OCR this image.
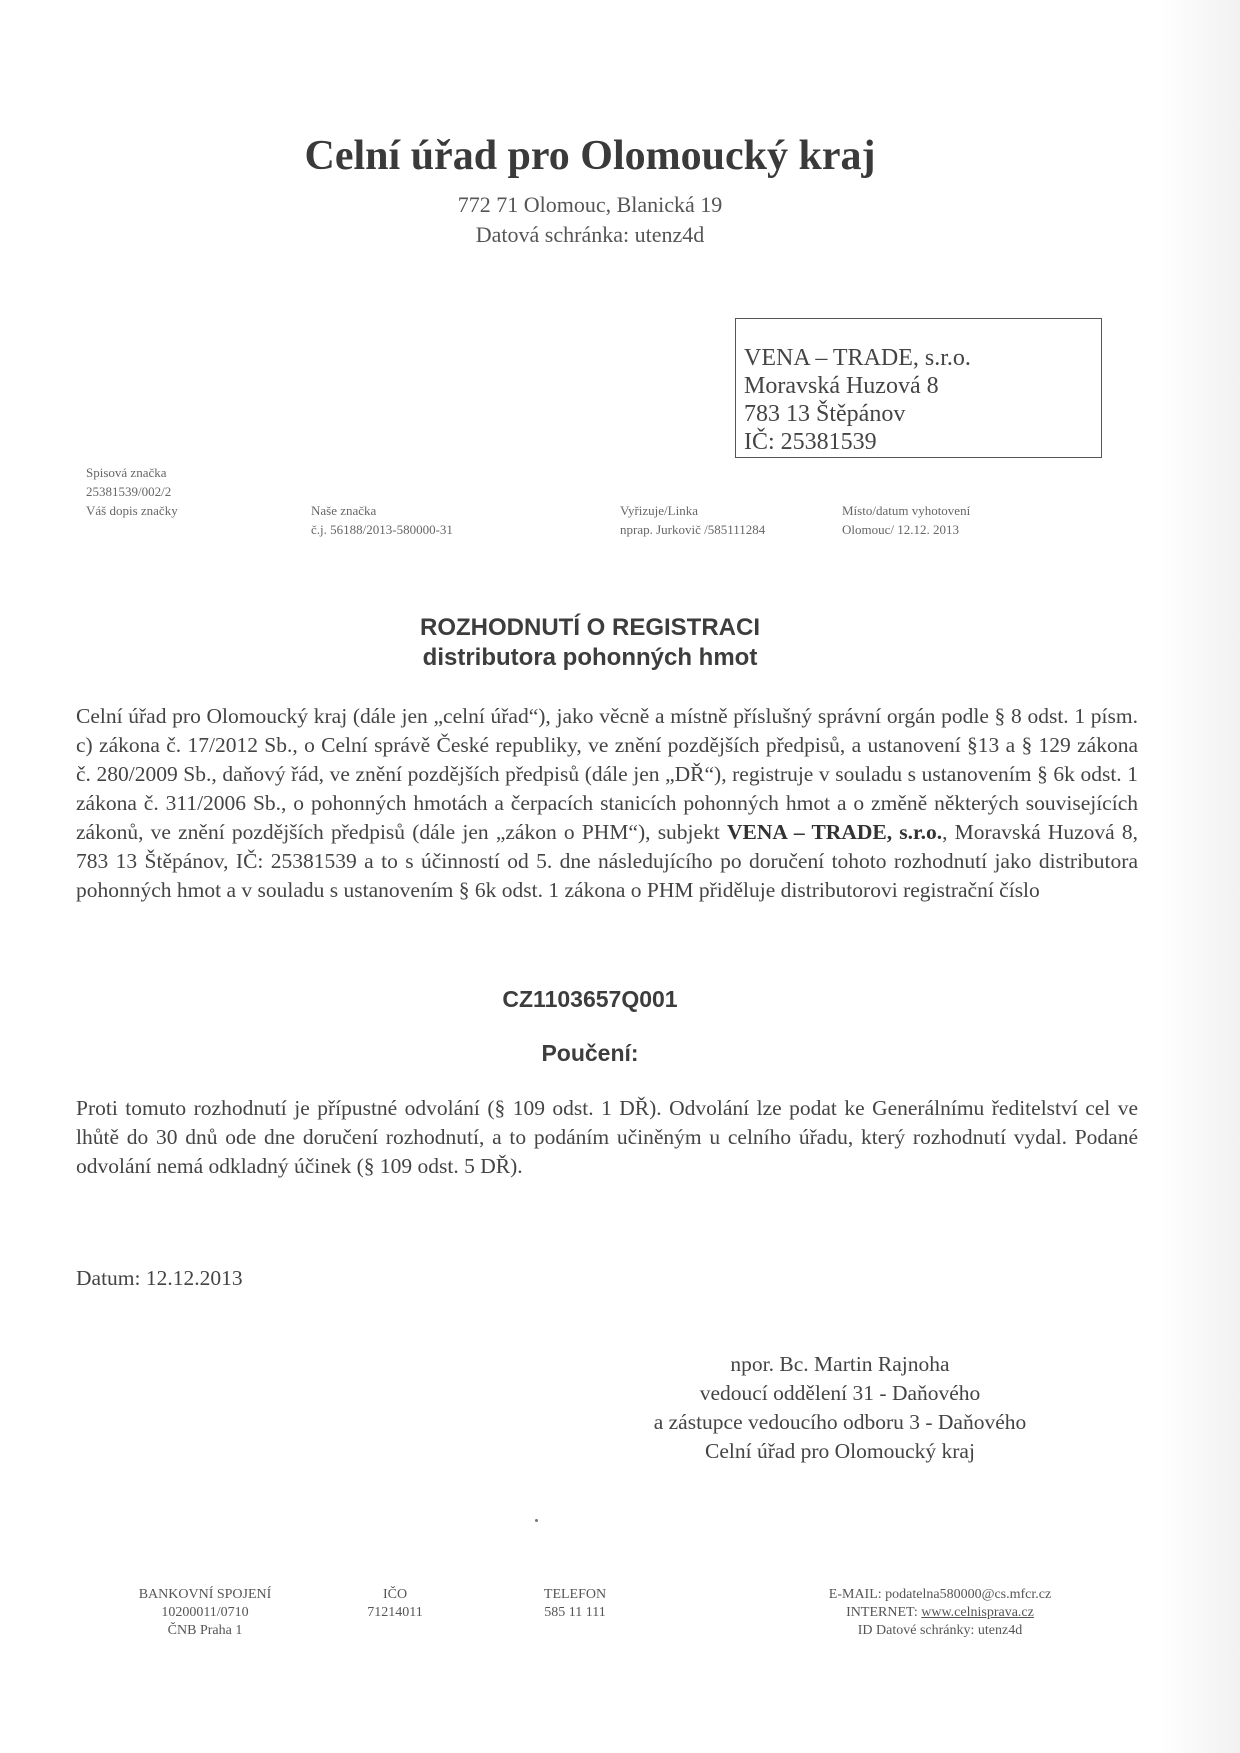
Celní úřad pro Olomoucký kraj
772 71 Olomouc, Blanická 19
Datová schránka: utenz4d
VENA – TRADE, s.r.o.
Moravská Huzová 8
783 13 Štěpánov
IČ: 25381539
Spisová značka
25381539/002/2
Váš dopis značky	Naše značka
č.j. 56188/2013-580000-31
Vyřizuje/Linka
nprap. Jurkovič /585111284
Místo/datum vyhotovení
Olomouc/ 12.12. 2013
ROZHODNUTÍ O REGISTRACI
distributora pohonných hmot
Celní úřad pro Olomoucký kraj (dále jen „celní úřad“), jako věcně a místně příslušný správní orgán podle § 8 odst. 1 písm. c) zákona č. 17/2012 Sb., o Celní správě České republiky, ve znění pozdějších předpisů, a ustanovení §13 a § 129 zákona č. 280/2009 Sb., daňový řád, ve znění pozdějších předpisů (dále jen „DŘ“), registruje v souladu s ustanovením § 6k odst. 1 zákona č. 311/2006 Sb., o pohonných hmotách a čerpacích stanicích pohonných hmot a o změně některých souvisejících zákonů, ve znění pozdějších předpisů (dále jen „zákon o PHM“), subjekt VENA – TRADE, s.r.o., Moravská Huzová 8, 783 13 Štěpánov, IČ: 25381539 a to s účinností od 5. dne následujícího po doručení tohoto rozhodnutí jako distributora pohonných hmot a v souladu s ustanovením § 6k odst. 1 zákona o PHM přiděluje distributorovi registrační číslo
CZ1103657Q001
Poučení:
Proti tomuto rozhodnutí je přípustné odvolání (§ 109 odst. 1 DŘ). Odvolání lze podat ke Generálnímu ředitelství cel ve lhůtě do 30 dnů ode dne doručení rozhodnutí, a to podáním učiněným u celního úřadu, který rozhodnutí vydal. Podané odvolání nemá odkladný účinek (§ 109 odst. 5 DŘ).
Datum: 12.12.2013
npor. Bc. Martin Rajnoha
vedoucí oddělení 31 - Daňového
a zástupce vedoucího odboru 3 - Daňového
Celní úřad pro Olomoucký kraj
BANKOVNÍ SPOJENÍ
10200011/0710
ČNB Praha 1
IČO
71214011
TELEFON
585 11 111
E-MAIL: podatelna580000@cs.mfcr.cz
INTERNET: www.celnisprava.cz
ID Datové schránky: utenz4d
